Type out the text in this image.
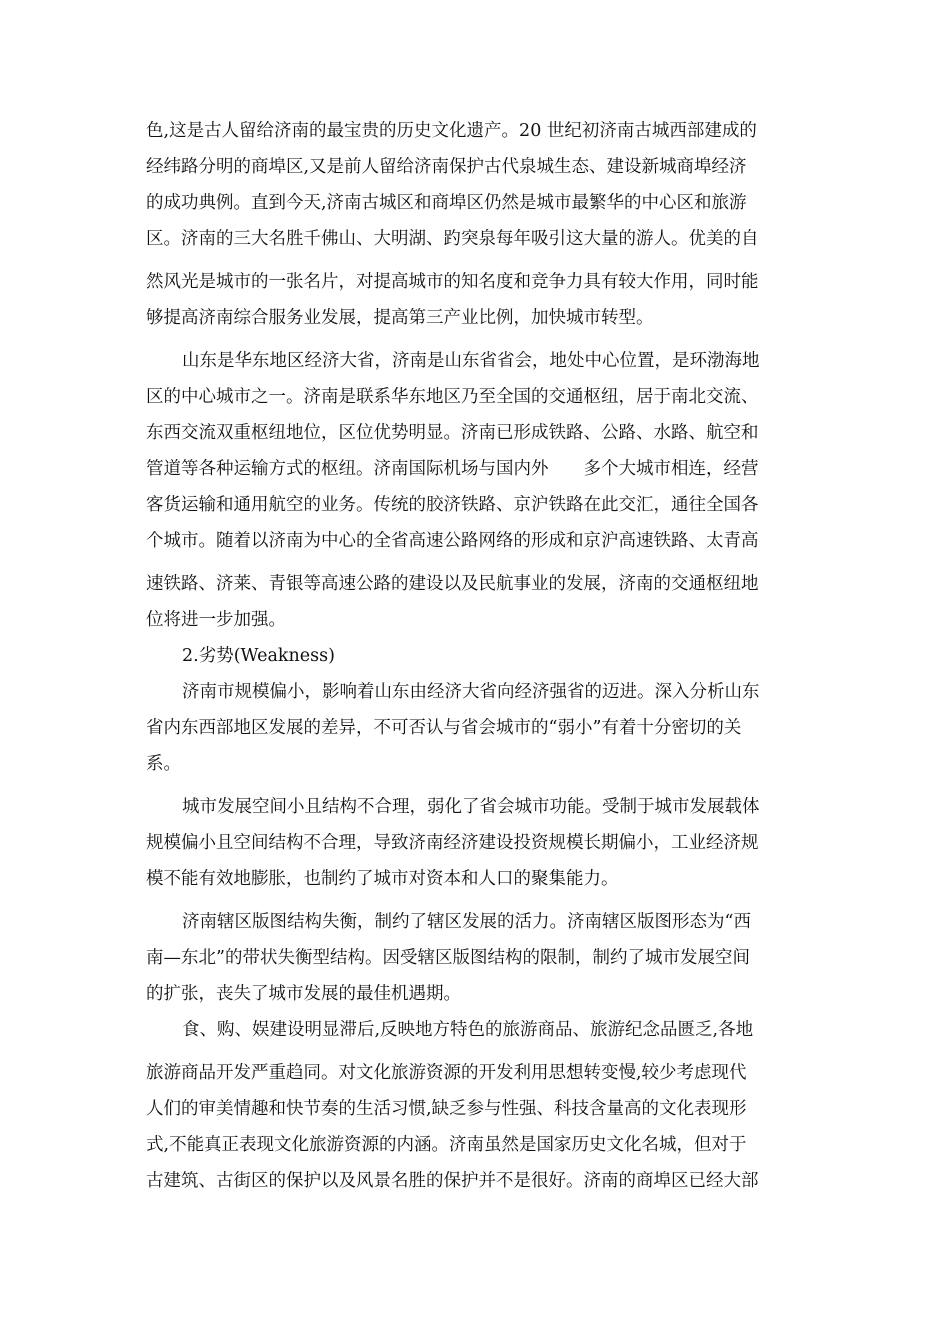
色,这是古人留给济南的最宝贵的历史文化遗产。20 世纪初济南古城西部建成的
经纬路分明的商埠区,又是前人留给济南保护古代泉城生态、建设新城商埠经济
的成功典例。直到今天,济南古城区和商埠区仍然是城市最繁华的中心区和旅游
区。济南的三大名胜千佛山、大明湖、趵突泉每年吸引这大量的游人。优美的自
然风光是城市的一张名片，对提高城市的知名度和竞争力具有较大作用，同时能
够提高济南综合服务业发展，提高第三产业比例，加快城市转型。
山东是华东地区经济大省，济南是山东省省会，地处中心位置，是环渤海地
区的中心城市之一。济南是联系华东地区乃至全国的交通枢纽，居于南北交流、
东西交流双重枢纽地位，区位优势明显。济南已形成铁路、公路、水路、航空和
管道等各种运输方式的枢纽。济南国际机场与国内外　　多个大城市相连，经营
客货运输和通用航空的业务。传统的胶济铁路、京沪铁路在此交汇，通往全国各
个城市。随着以济南为中心的全省高速公路网络的形成和京沪高速铁路、太青高
速铁路、济莱、青银等高速公路的建设以及民航事业的发展，济南的交通枢纽地
位将进一步加强。
2.劣势(Weakness)
济南市规模偏小，影响着山东由经济大省向经济强省的迈进。深入分析山东
省内东西部地区发展的差异，不可否认与省会城市的“弱小”有着十分密切的关
系。
城市发展空间小且结构不合理，弱化了省会城市功能。受制于城市发展载体
规模偏小且空间结构不合理，导致济南经济建设投资规模长期偏小，工业经济规
模不能有效地膨胀，也制约了城市对资本和人口的聚集能力。
济南辖区版图结构失衡，制约了辖区发展的活力。济南辖区版图形态为“西
南—东北”的带状失衡型结构。因受辖区版图结构的限制，制约了城市发展空间
的扩张，丧失了城市发展的最佳机遇期。
食、购、娱建设明显滞后,反映地方特色的旅游商品、旅游纪念品匮乏,各地
旅游商品开发严重趋同。对文化旅游资源的开发利用思想转变慢,较少考虑现代
人们的审美情趣和快节奏的生活习惯,缺乏参与性强、科技含量高的文化表现形
式,不能真正表现文化旅游资源的内涵。济南虽然是国家历史文化名城，但对于
古建筑、古街区的保护以及风景名胜的保护并不是很好。济南的商埠区已经大部
